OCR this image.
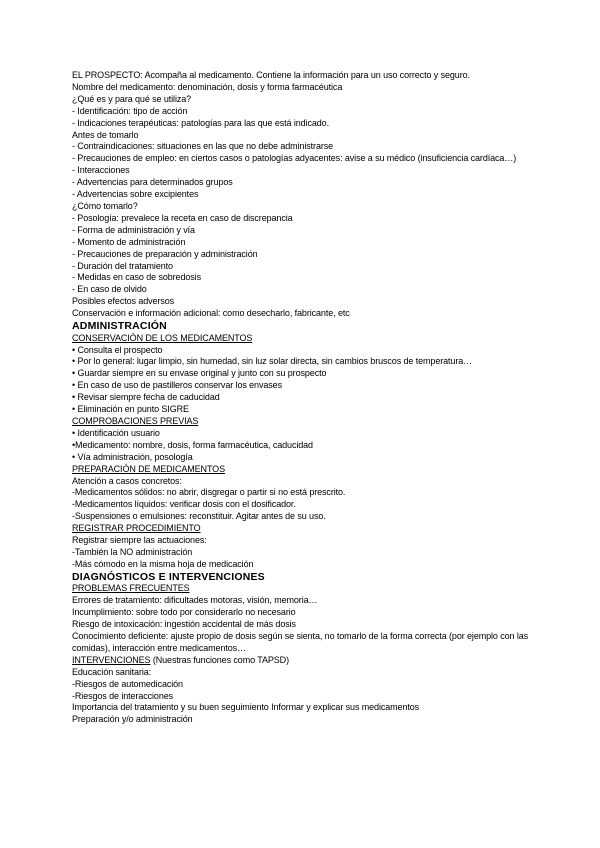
EL PROSPECTO: Acompaña al medicamento. Contiene la información para un uso correcto y seguro.
Nombre del medicamento: denominación, dosis y forma farmacéutica
¿Qué es y para qué se utiliza?
- Identificación: tipo de acción
- Indicaciones terapéuticas: patologías para las que está indicado.
Antes de tomarlo
- Contraindicaciones: situaciones en las que no debe administrarse
- Precauciones de empleo: en ciertos casos o patologías adyacentes: avise a su médico (insuficiencia cardíaca…)
- Interacciones
- Advertencias para determinados grupos
- Advertencias sobre excipientes
¿Cómo tomarlo?
- Posología: prevalece la receta en caso de discrepancia
- Forma de administración y vía
- Momento de administración
- Precauciones de preparación y administración
- Duración del tratamiento
- Medidas en caso de sobredosis
- En caso de olvido
Posibles efectos adversos
Conservación e información adicional: como desecharlo, fabricante, etc
ADMINISTRACIÓN
CONSERVACIÓN DE LOS MEDICAMENTOS
• Consulta el prospecto
• Por lo general: lugar limpio, sin humedad, sin luz solar directa, sin cambios bruscos de temperatura…
• Guardar siempre en su envase original y junto con su prospecto
• En caso de uso de pastilleros conservar los envases
• Revisar siempre fecha de caducidad
• Eliminación en punto SIGRE
COMPROBACIONES PREVIAS
• Identificación usuario
•Medicamento: nombre, dosis, forma farmacéutica, caducidad
• Vía administración, posología
PREPARACIÓN DE MEDICAMENTOS
Atención a casos concretos:
-Medicamentos sólidos: no abrir, disgregar o partir si no está prescrito.
-Medicamentos líquidos: verificar dosis con el dosificador.
-Suspensiones o emulsiones: reconstituir. Agitar antes de su uso.
REGISTRAR PROCEDIMIENTO
Registrar siempre las actuaciones:
-También la NO administración
-Más cómodo en la misma hoja de medicación
DIAGNÓSTICOS E INTERVENCIONES
PROBLEMAS FRECUENTES
Errores de tratamiento: dificultades motoras, visión, memoria…
Incumplimiento: sobre todo por considerarlo no necesario
Riesgo de intoxicación: ingestión accidental de más dosis
Conocimiento deficiente: ajuste propio de dosis según se sienta, no tomarlo de la forma correcta (por ejemplo con las comidas), interacción entre medicamentos…
INTERVENCIONES (Nuestras funciones como TAPSD)
Educación sanitaria:
-Riesgos de automedicación
-Riesgos de interacciones
Importancia del tratamiento y su buen seguimiento Informar y explicar sus medicamentos
Preparación y/o administración
